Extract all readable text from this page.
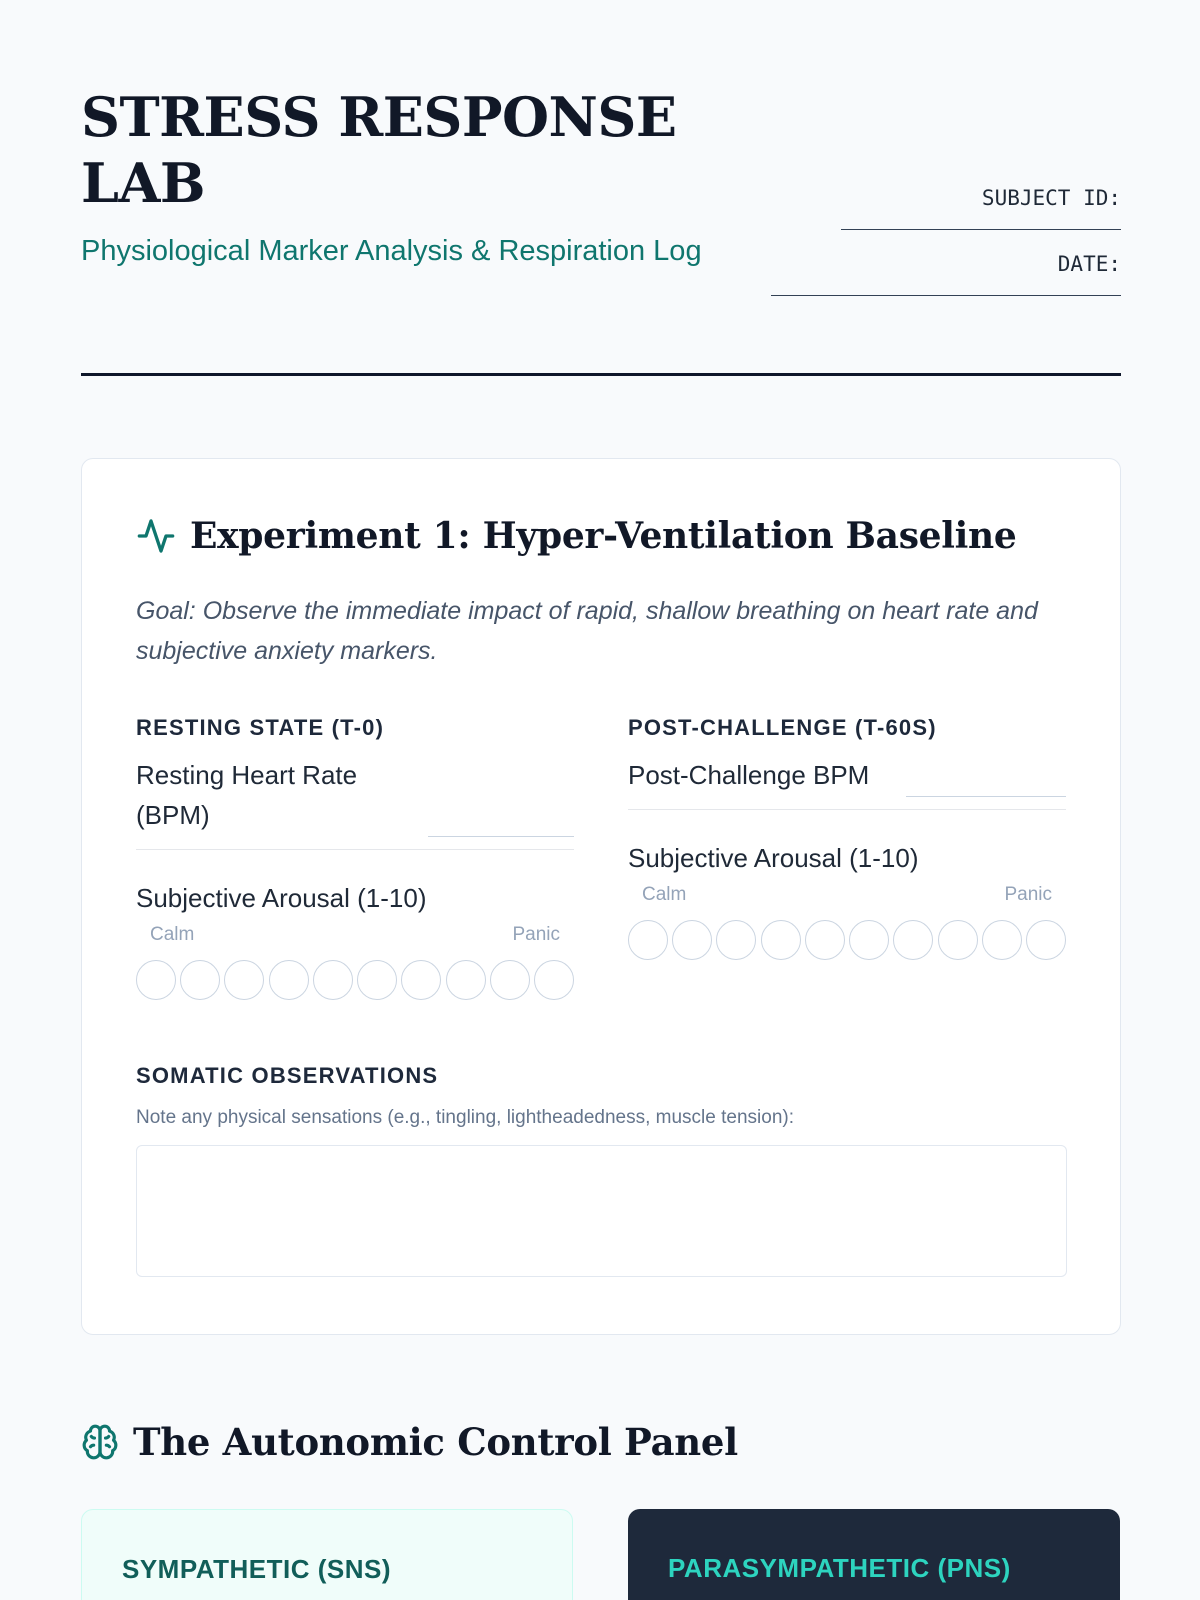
STRESS RESPONSE LAB
Physiological Marker Analysis & Respiration Log
SUBJECT ID:
DATE:
Experiment 1: Hyper-Ventilation Baseline
Goal: Observe the immediate impact of rapid, shallow breathing on heart rate and subjective anxiety markers.
RESTING STATE (T-0)
Resting Heart Rate (BPM)
Subjective Arousal (1-10)
Calm	Panic
POST-CHALLENGE (T-60S)
Post-Challenge BPM
Subjective Arousal (1-10)
Calm	Panic
SOMATIC OBSERVATIONS
Note any physical sensations (e.g., tingling, lightheadedness, muscle tension):
The Autonomic Control Panel
SYMPATHETIC (SNS)	PARASYMPATHETIC (PNS)
